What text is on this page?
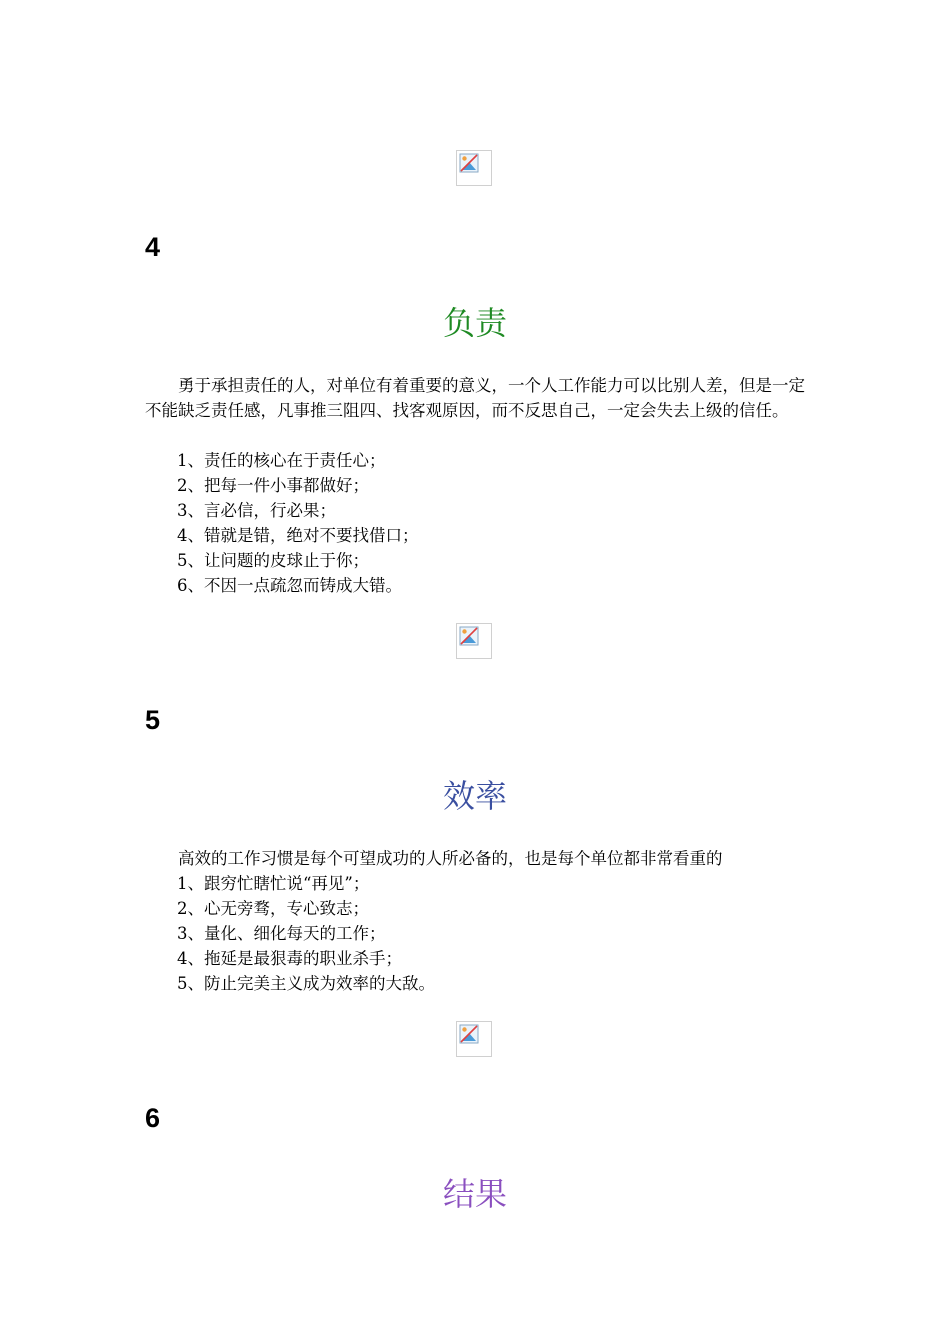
4
负责
勇于承担责任的人，对单位有着重要的意义，一个人工作能力可以比别人差，但是一定不能缺乏责任感，凡事推三阻四、找客观原因，而不反思自己，一定会失去上级的信任。
1、责任的核心在于责任心；
2、把每一件小事都做好；
3、言必信，行必果；
4、错就是错，绝对不要找借口；
5、让问题的皮球止于你；
6、不因一点疏忽而铸成大错。
5
效率
高效的工作习惯是每个可望成功的人所必备的，也是每个单位都非常看重的
1、跟穷忙瞎忙说“再见”；
2、心无旁骛，专心致志；
3、量化、细化每天的工作；
4、拖延是最狠毒的职业杀手；
5、防止完美主义成为效率的大敌。
6
结果
